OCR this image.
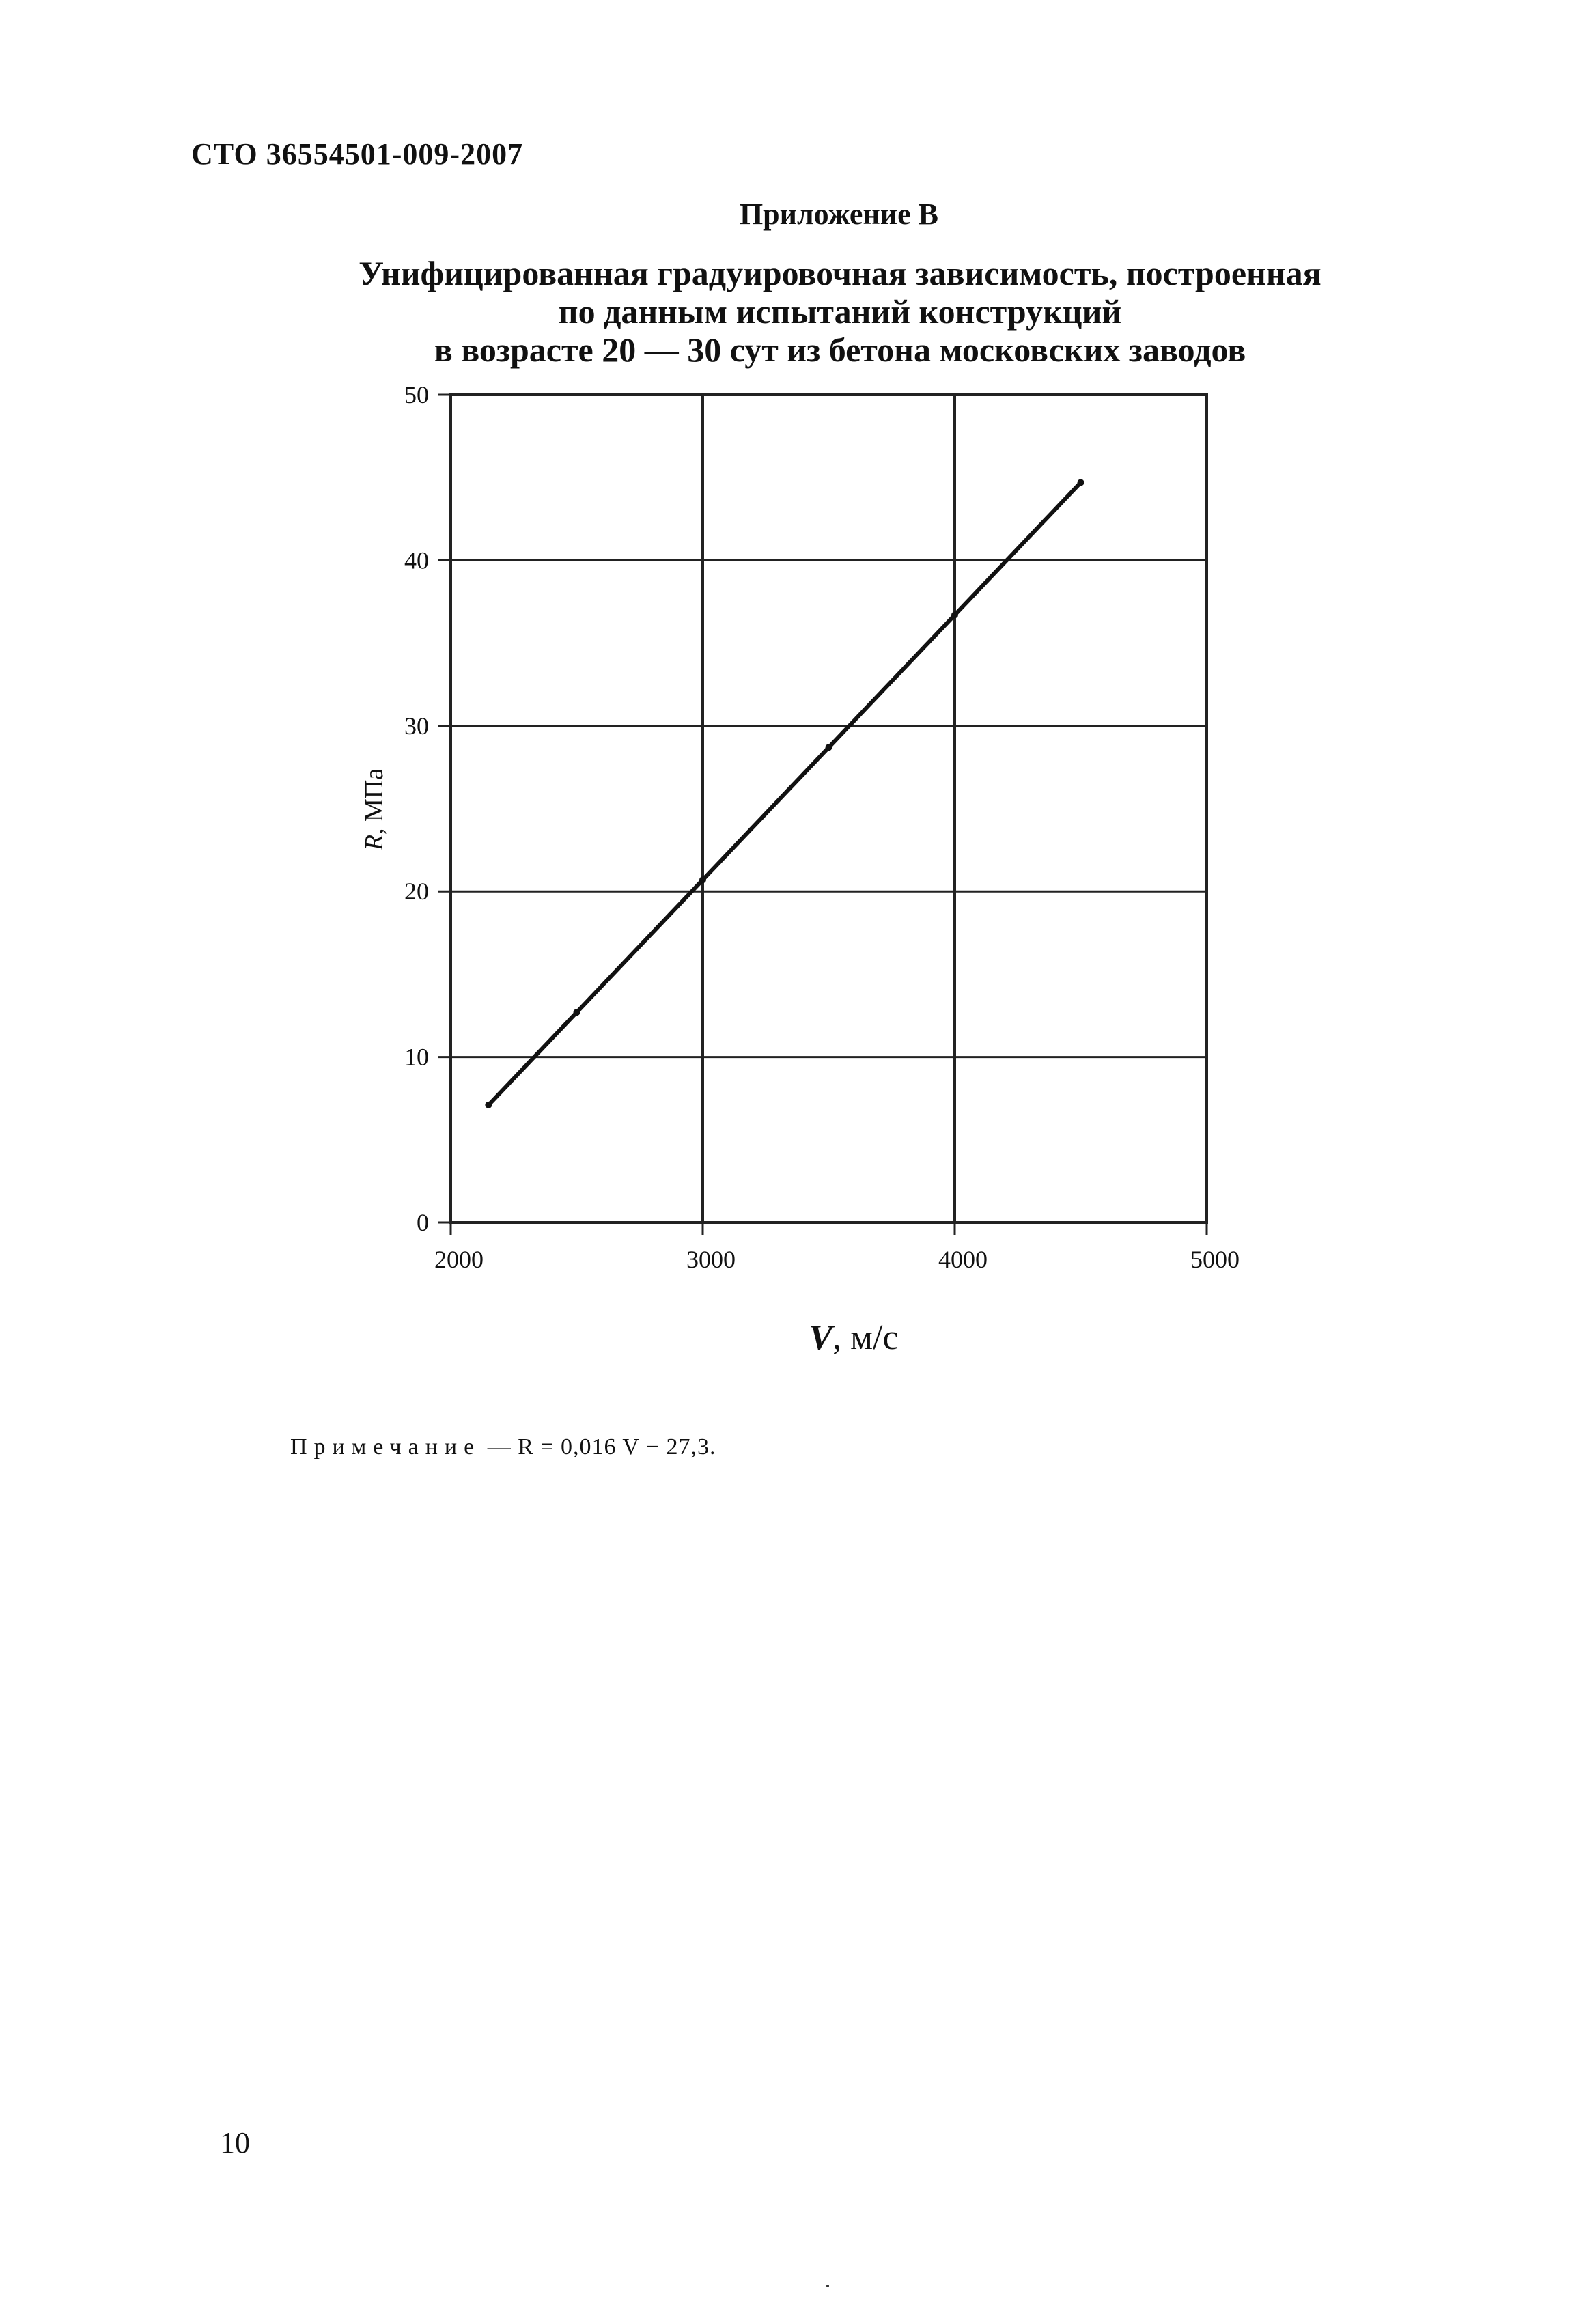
СТО 36554501-009-2007
Приложение В
Унифицированная градуировочная зависимость, построенная
по данным испытаний конструкций
в возрасте 20 — 30 сут из бетона московских заводов
0
10
20
30
40
50
2000	3000	4000	5000
R, МПа
V, м/с
Примечание — R = 0,016 V − 27,3.
10
